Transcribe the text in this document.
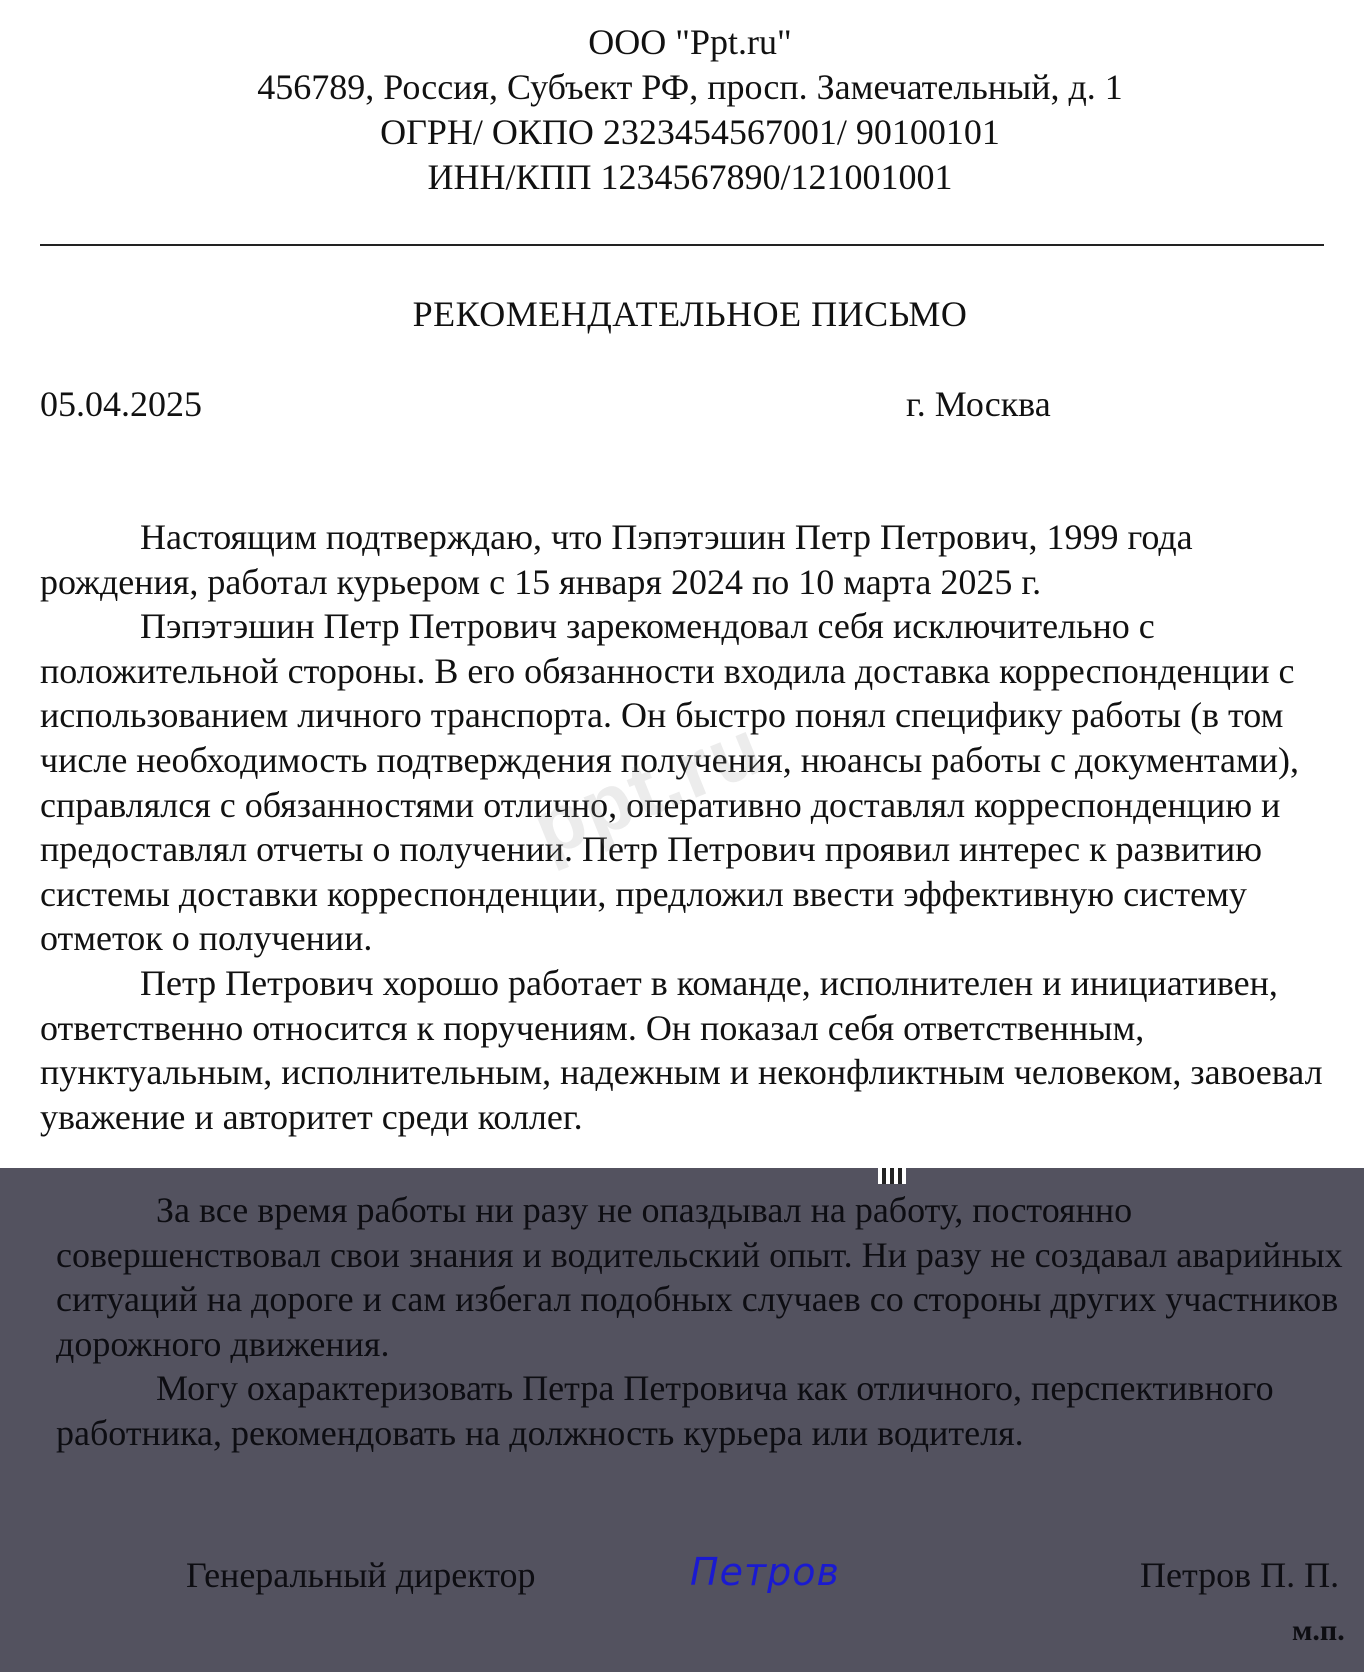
ООО "Ppt.ru"
456789, Россия, Субъект РФ, просп. Замечательный, д. 1
ОГРН/ ОКПО 2323454567001/ 90100101
ИНН/КПП 1234567890/121001001
РЕКОМЕНДАТЕЛЬНОЕ ПИСЬМО
05.04.2025	г. Москва

Настоящим подтверждаю, что Пэпэтэшин Петр Петрович, 1999 года рождения, работал курьером с 15 января 2024 по 10 марта 2025 г.

Пэпэтэшин Петр Петрович зарекомендовал себя исключительно с положительной стороны. В его обязанности входила доставка корреспонденции с использованием личного транспорта. Он быстро понял специфику работы (в том числе необходимость подтверждения получения, нюансы работы с документами), справлялся с обязанностями отлично, оперативно доставлял корреспонденцию и предоставлял отчеты о получении. Петр Петрович проявил интерес к развитию системы доставки корреспонденции, предложил ввести эффективную систему отметок о получении.

Петр Петрович хорошо работает в команде, исполнителен и инициативен, ответственно относится к поручениям. Он показал себя ответственным, пунктуальным, исполнительным, надежным и неконфликтным человеком, завоевал уважение и авторитет среди коллег.

ppt.ru

За все время работы ни разу не опаздывал на работу, постоянно совершенствовал свои знания и водительский опыт. Ни разу не создавал аварийных ситуаций на дороге и сам избегал подобных случаев со стороны других участников дорожного движения.

Могу охарактеризовать Петра Петровича как отличного, перспективного работника, рекомендовать на должность курьера или водителя.

Генеральный директор	Петров	Петров П. П.
м.п.
